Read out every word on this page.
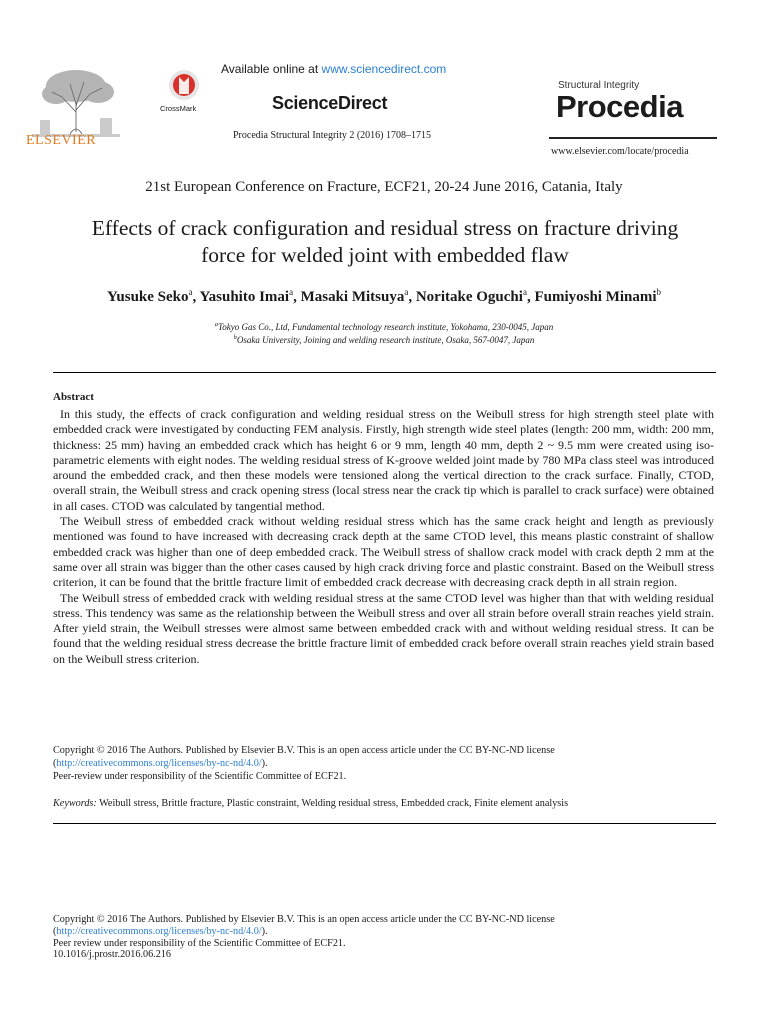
ELSEVIER
CrossMark
Available online at www.sciencedirect.com
ScienceDirect
Procedia Structural Integrity 2 (2016) 1708–1715
Structural Integrity
Procedia
www.elsevier.com/locate/procedia
21st European Conference on Fracture, ECF21, 20-24 June 2016, Catania, Italy
Effects of crack configuration and residual stress on fracture driving
force for welded joint with embedded flaw
Yusuke Seko$^a$, Yasuhito Imai$^a$, Masaki Mitsuya$^a$, Noritake Oguchi$^a$, Fumiyoshi Minami$^b$
$^a$Tokyo Gas Co., Ltd, Fundamental technology research institute, Yokohama, 230-0045, Japan
$^b$Osaka University, Joining and welding research institute, Osaka, 567-0047, Japan
Abstract

In this study, the effects of crack configuration and welding residual stress on the Weibull stress for high strength steel plate with embedded crack were investigated by conducting FEM analysis. Firstly, high strength wide steel plates (length: 200 mm, width: 200 mm, thickness: 25 mm) having an embedded crack which has height 6 or 9 mm, length 40 mm, depth 2 ~ 9.5 mm were created using iso-parametric elements with eight nodes. The welding residual stress of K-groove welded joint made by 780 MPa class steel was introduced around the embedded crack, and then these models were tensioned along the vertical direction to the crack surface. Finally, CTOD, overall strain, the Weibull stress and crack opening stress (local stress near the crack tip which is parallel to crack surface) were obtained in all cases. CTOD was calculated by tangential method.

The Weibull stress of embedded crack without welding residual stress which has the same crack height and length as previously mentioned was found to have increased with decreasing crack depth at the same CTOD level, this means plastic constraint of shallow embedded crack was higher than one of deep embedded crack. The Weibull stress of shallow crack model with crack depth 2 mm at the same over all strain was bigger than the other cases caused by high crack driving force and plastic constraint. Based on the Weibull stress criterion, it can be found that the brittle fracture limit of embedded crack decrease with decreasing crack depth in all strain region.

The Weibull stress of embedded crack with welding residual stress at the same CTOD level was higher than that with welding residual stress. This tendency was same as the relationship between the Weibull stress and over all strain before overall strain reaches yield strain. After yield strain, the Weibull stresses were almost same between embedded crack with and without welding residual stress. It can be found that the welding residual stress decrease the brittle fracture limit of embedded crack before overall strain reaches yield strain based on the Weibull stress criterion.

Copyright © 2016 The Authors. Published by Elsevier B.V. This is an open access article under the CC BY-NC-ND license
(http://creativecommons.org/licenses/by-nc-nd/4.0/).
Peer-review under responsibility of the Scientific Committee of ECF21.
Keywords: Weibull stress, Brittle fracture, Plastic constraint, Welding residual stress, Embedded crack, Finite element analysis
Copyright © 2016 The Authors. Published by Elsevier B.V. This is an open access article under the CC BY-NC-ND license
(http://creativecommons.org/licenses/by-nc-nd/4.0/).
Peer review under responsibility of the Scientific Committee of ECF21.
10.1016/j.prostr.2016.06.216
